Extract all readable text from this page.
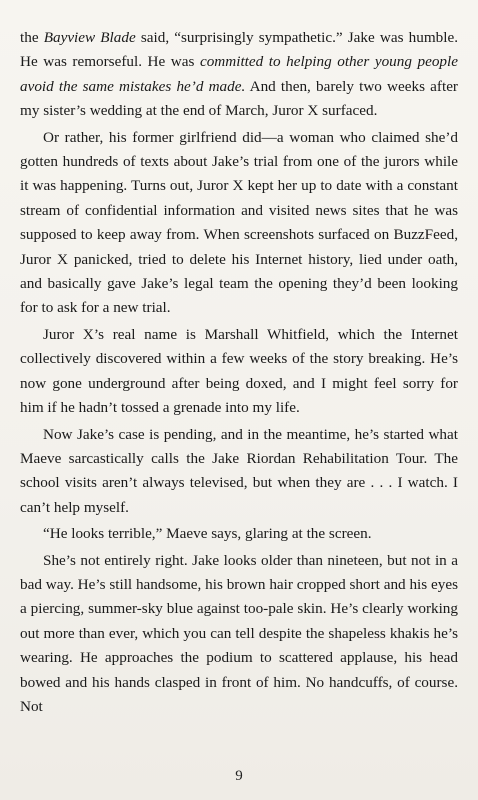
the Bayview Blade said, “surprisingly sympathetic.” Jake was humble. He was remorseful. He was committed to helping other young people avoid the same mistakes he’d made. And then, barely two weeks after my sister’s wedding at the end of March, Juror X surfaced.

Or rather, his former girlfriend did—a woman who claimed she’d gotten hundreds of texts about Jake’s trial from one of the jurors while it was happening. Turns out, Juror X kept her up to date with a constant stream of confidential information and visited news sites that he was supposed to keep away from. When screenshots surfaced on BuzzFeed, Juror X panicked, tried to delete his Internet history, lied under oath, and basically gave Jake’s legal team the opening they’d been looking for to ask for a new trial.

Juror X’s real name is Marshall Whitfield, which the Internet collectively discovered within a few weeks of the story breaking. He’s now gone underground after being doxed, and I might feel sorry for him if he hadn’t tossed a grenade into my life.

Now Jake’s case is pending, and in the meantime, he’s started what Maeve sarcastically calls the Jake Riordan Rehabilitation Tour. The school visits aren’t always televised, but when they are . . . I watch. I can’t help myself.

“He looks terrible,” Maeve says, glaring at the screen.

She’s not entirely right. Jake looks older than nineteen, but not in a bad way. He’s still handsome, his brown hair cropped short and his eyes a piercing, summer-sky blue against too-pale skin. He’s clearly working out more than ever, which you can tell despite the shapeless khakis he’s wearing. He approaches the podium to scattered applause, his head bowed and his hands clasped in front of him. No handcuffs, of course. Not

9
